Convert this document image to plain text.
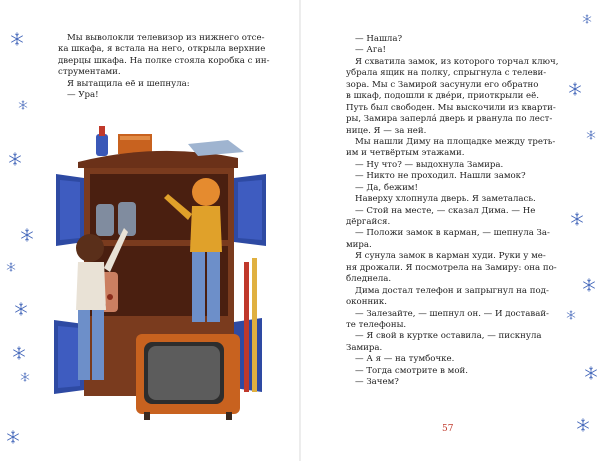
Мы выволокли телевизор из нижнего отсе-
ка шкафа, я встала на него, открыла верхние
дверцы шкафа. На полке стояла коробка с ин-
струментами.
Я вытащила её и шепнула:
— Ура!
— Нашла?
— Ага!
Я схватила замок, из которого торчал ключ,
убрала ящик на полку, спрыгнула с телеви-
зора. Мы с Замирой засунули его обратно
в шкаф, подошли к двéри, приоткрыли её.
Путь был свободен. Мы выскочили из кварти-
ры, Замира заперлá дверь и рванула по лест-
нице. Я — за ней.
Мы нашли Диму на площадке между треть-
им и четвёртым этажами.
— Ну что? — выдохнула Замира.
— Никто не проходил. Нашли замок?
— Да, бежим!
Наверху хлопнула дверь. Я заметалась.
— Стой на месте, — сказал Дима. — Не
дёргайся.
— Положи замок в карман, — шепнула За-
мира.
Я сунула замок в карман худи. Руки у ме-
ня дрожали. Я посмотрела на Замиру: она по-
бледнела.
Дима достал телефон и запрыгнул на под-
оконник.
— Залезайте, — шепнул он. — И доставай-
те телефоны.
— Я свой в куртке оставила, — пискнула
Замира.
— А я — на тумбочке.
— Тогда смотрите в мой.
— Зачем?
57
